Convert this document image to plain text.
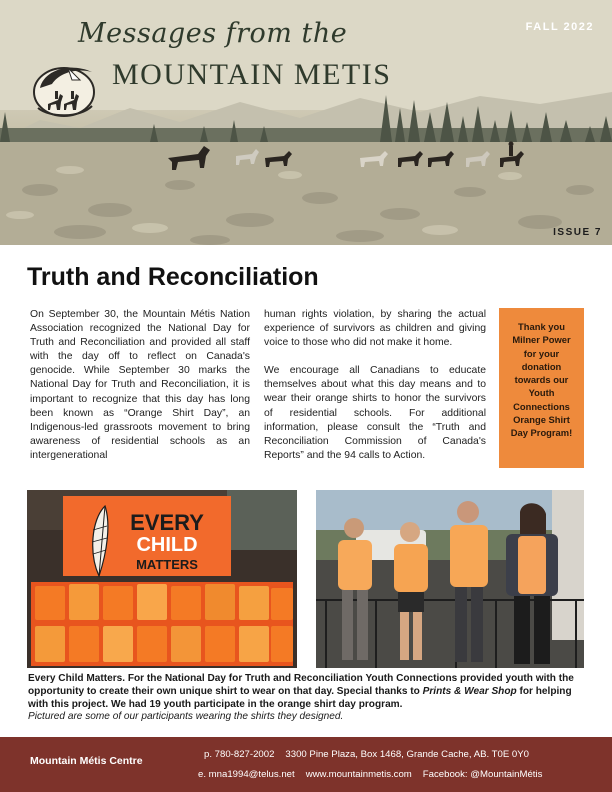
Messages from the
MOUNTAIN METIS
FALL 2022
ISSUE 7
Truth and Reconciliation

On September 30, the Mountain Métis Nation Association recognized the National Day for Truth and Reconciliation and provided all staff with the day off to reflect on Canada's genocide. While September 30 marks the National Day for Truth and Reconciliation, it is important to recognize that this day has long been known as “Orange Shirt Day”, an Indigenous-led grassroots movement to bring awareness of residential schools as an intergenerational

human rights violation, by sharing the actual experience of survivors as children and giving voice to those who did not make it home.

We encourage all Canadians to educate themselves about what this day means and to wear their orange shirts to honor the survivors of residential schools. For additional information, please consult the “Truth and Reconciliation Commission of Canada's Reports” and the 94 calls to Action.

Thank you
Milner Power
for your
donation
towards our
Youth
Connections
Orange Shirt
Day Program!
EVERY
CHILD
MATTERS
Every Child Matters. For the National Day for Truth and Reconciliation Youth Connections provided youth with the opportunity to create their own unique shirt to wear on that day. Special thanks to Prints & Wear Shop for helping with this project. We had 19 youth participate in the orange shirt day program.
Pictured are some of our participants wearing the shirts they designed.
Mountain Métis Centre
p. 780-827-2002 3300 Pine Plaza, Box 1468, Grande Cache, AB. T0E 0Y0
e. mna1994@telus.net www.mountainmetis.com Facebook: @MountainMétis
